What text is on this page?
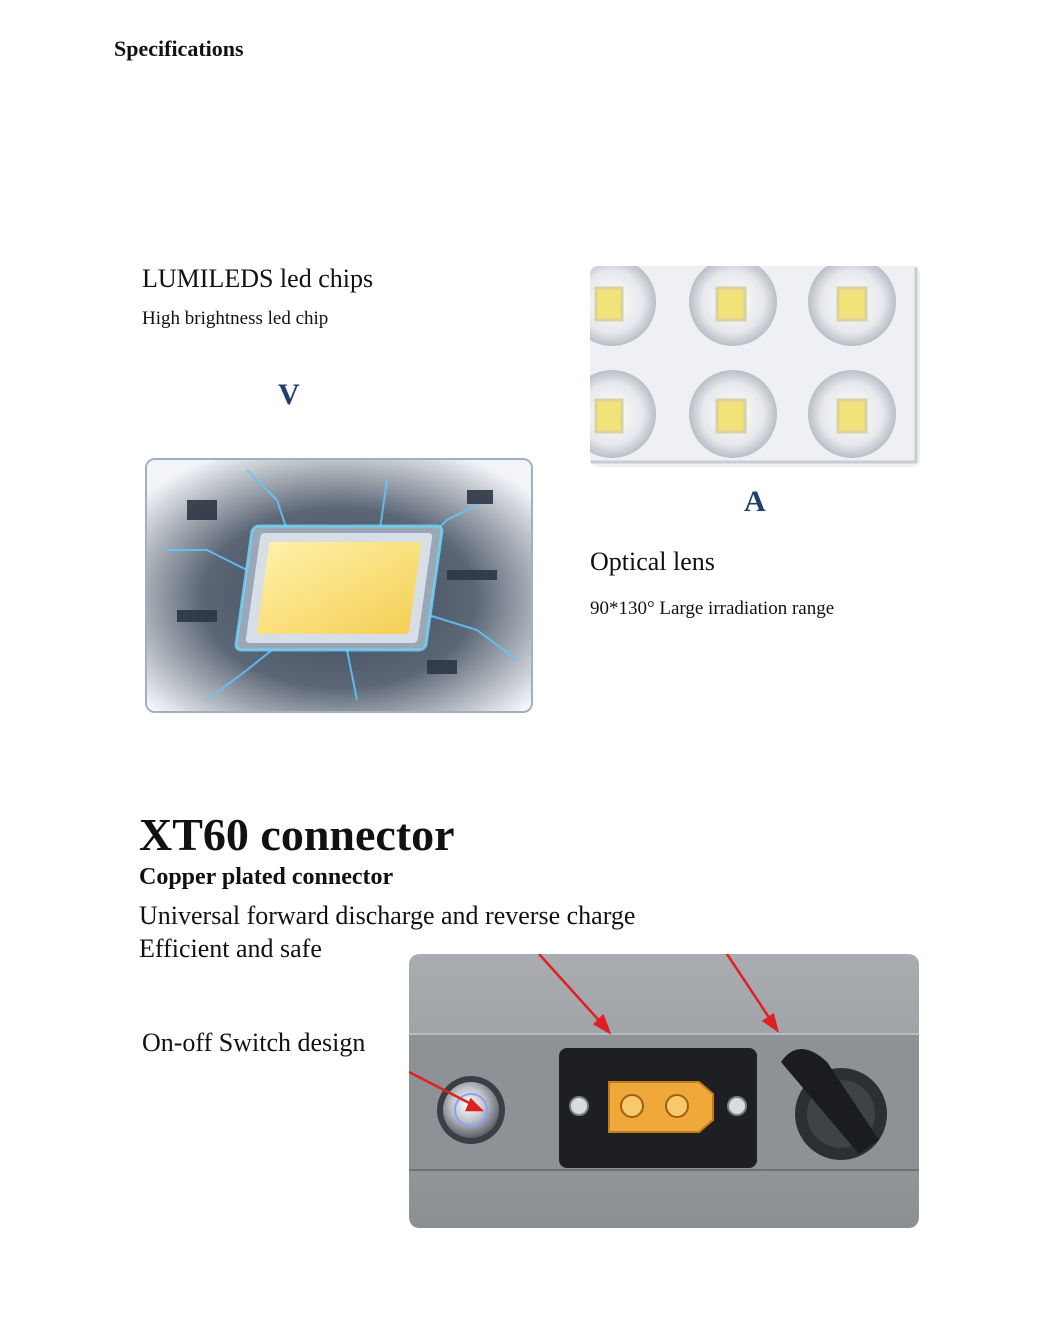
Specifications
LUMILEDS led chips
High brightness led chip
V
A
Optical lens
90*130° Large irradiation range
XT60 connector
Copper plated connector
Universal forward discharge and reverse charge
Efficient and safe
On-off Switch design
